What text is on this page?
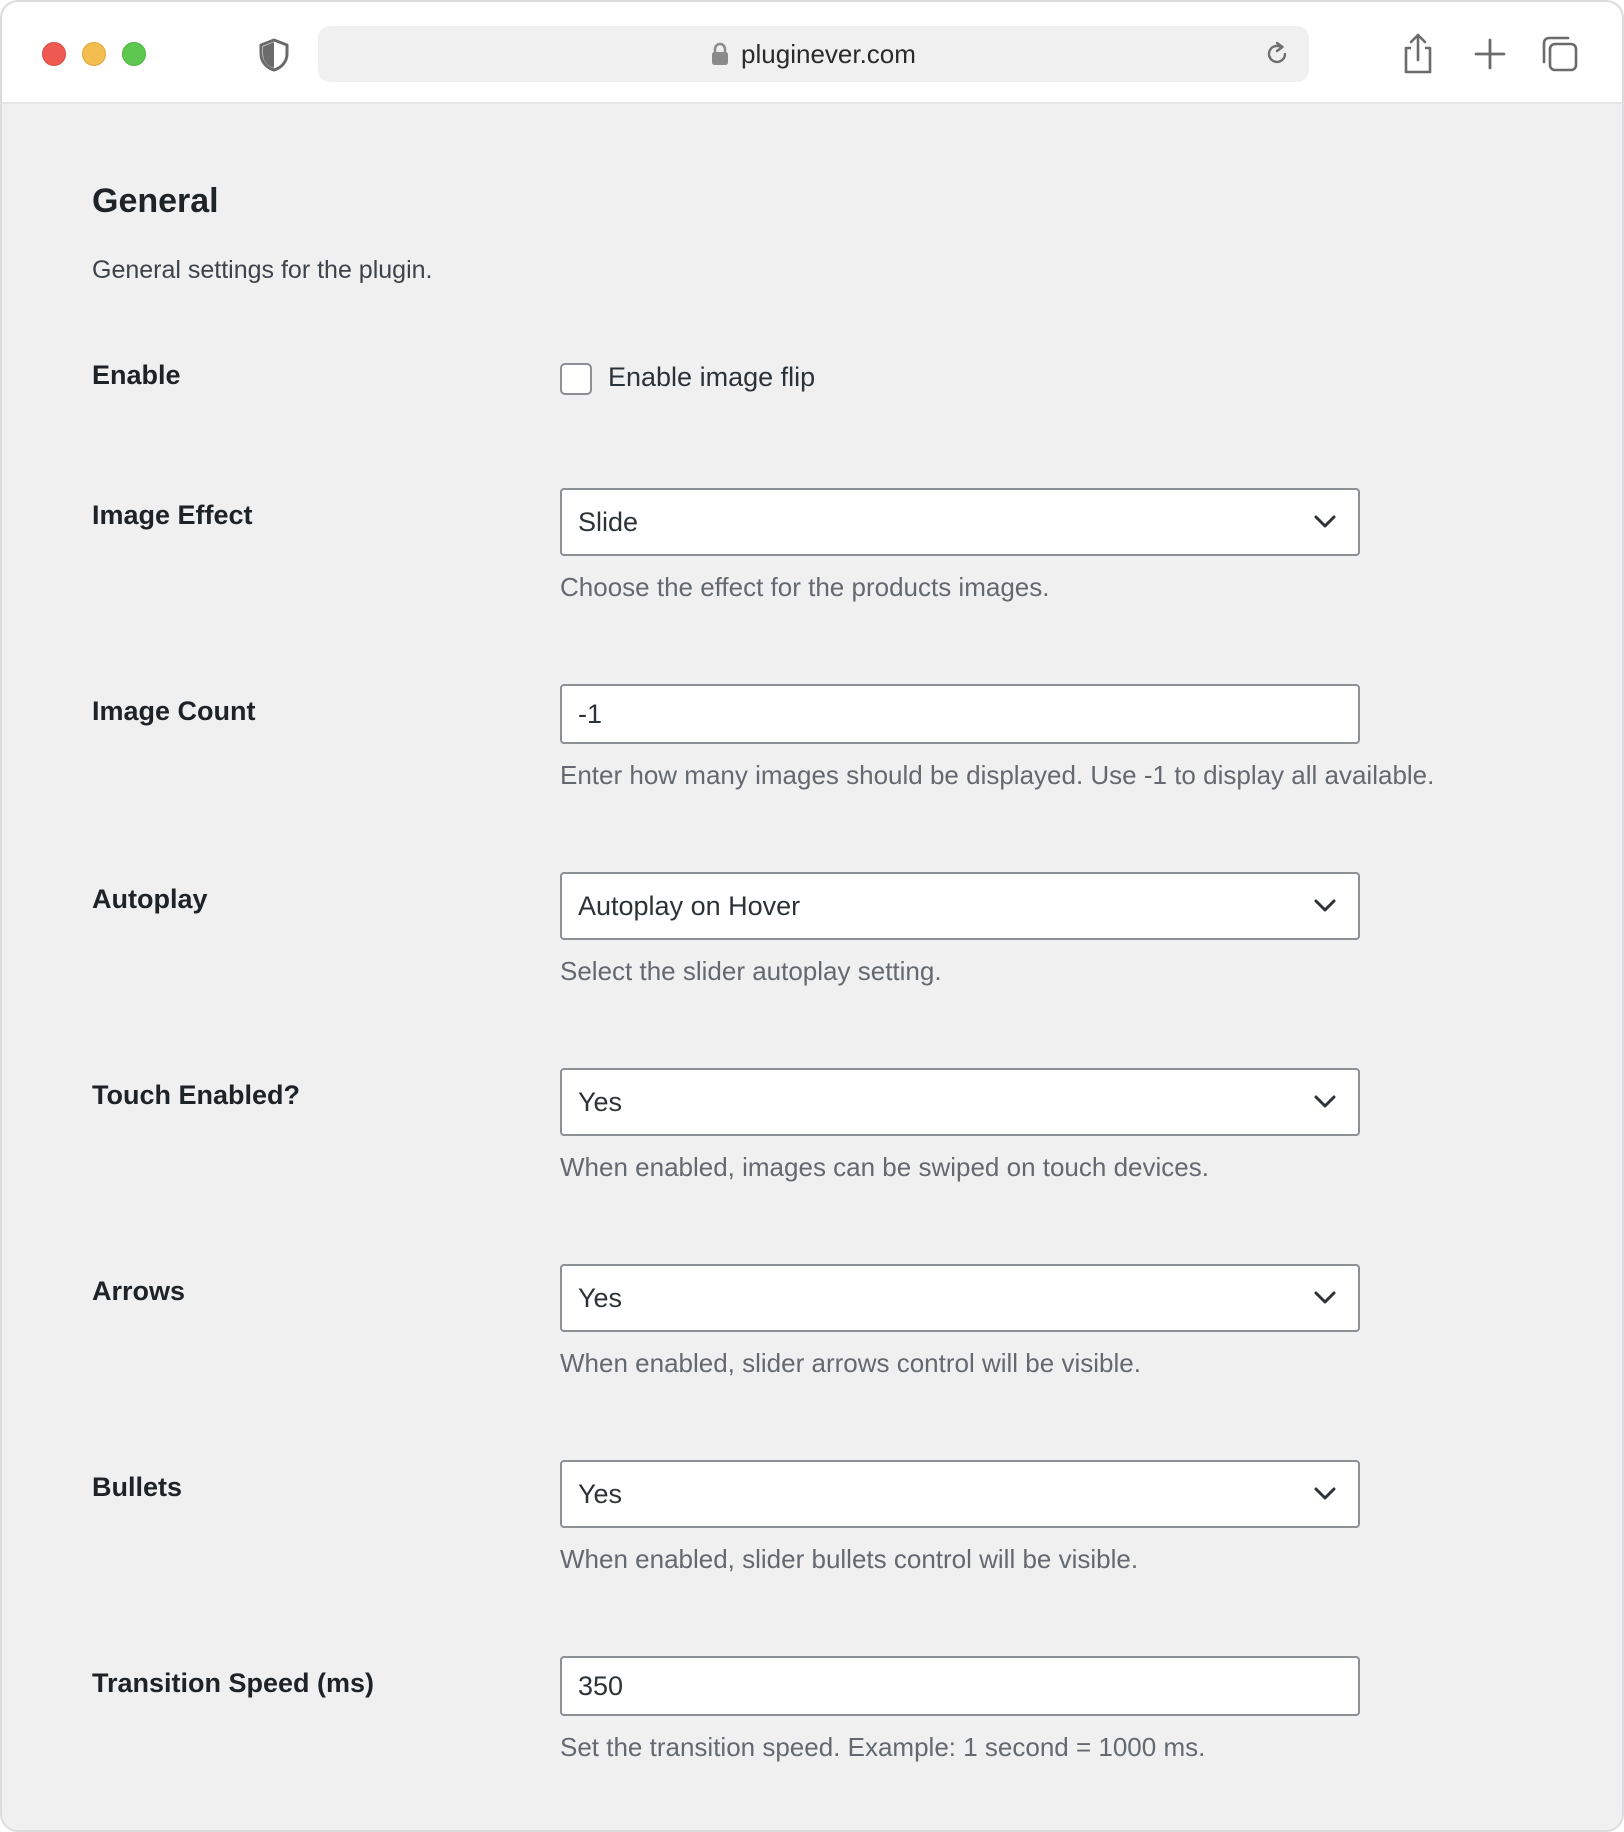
pluginever.com
General
General settings for the plugin.
Enable	Enable image flip
Image Effect	Slide
Choose the effect for the products images.
Image Count	-1
Enter how many images should be displayed. Use -1 to display all available.
Autoplay	Autoplay on Hover
Select the slider autoplay setting.
Touch Enabled?	Yes
When enabled, images can be swiped on touch devices.
Arrows	Yes
When enabled, slider arrows control will be visible.
Bullets	Yes
When enabled, slider bullets control will be visible.
Transition Speed (ms)	350
Set the transition speed. Example: 1 second = 1000 ms.
